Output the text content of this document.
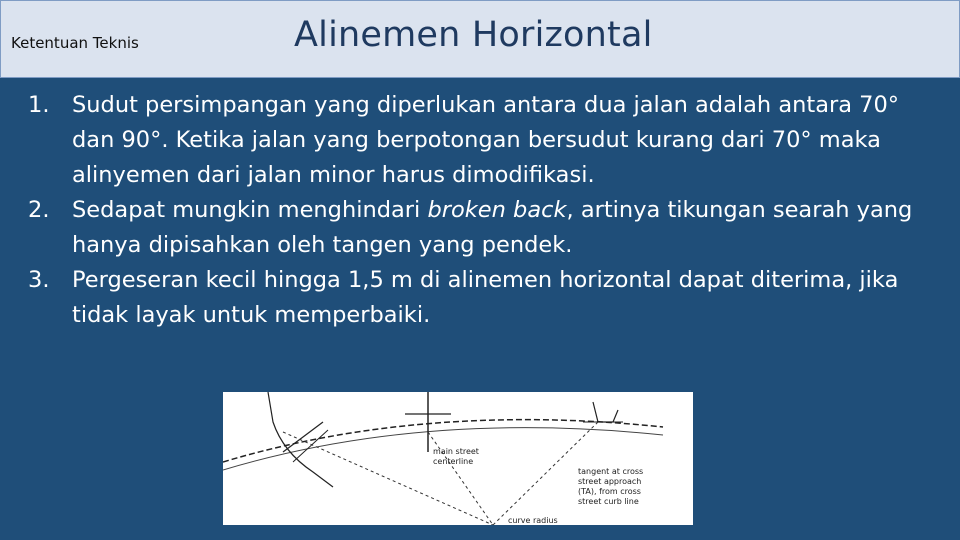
Ketentuan Teknis	Alinemen Horizontal
1.	Sudut persimpangan yang diperlukan antara dua jalan adalah antara 70° dan 90°. Ketika jalan yang berpotongan bersudut kurang dari 70° maka alinyemen dari jalan minor harus dimodifikasi.
2.	Sedapat mungkin menghindari broken back, artinya tikungan searah yang hanya dipisahkan oleh tangen yang pendek.
3.	Pergeseran kecil hingga 1,5 m di alinemen horizontal dapat diterima, jika tidak layak untuk memperbaiki.
main street
centerline
tangent at cross
street approach
(TA), from cross
street curb line
curve radius
